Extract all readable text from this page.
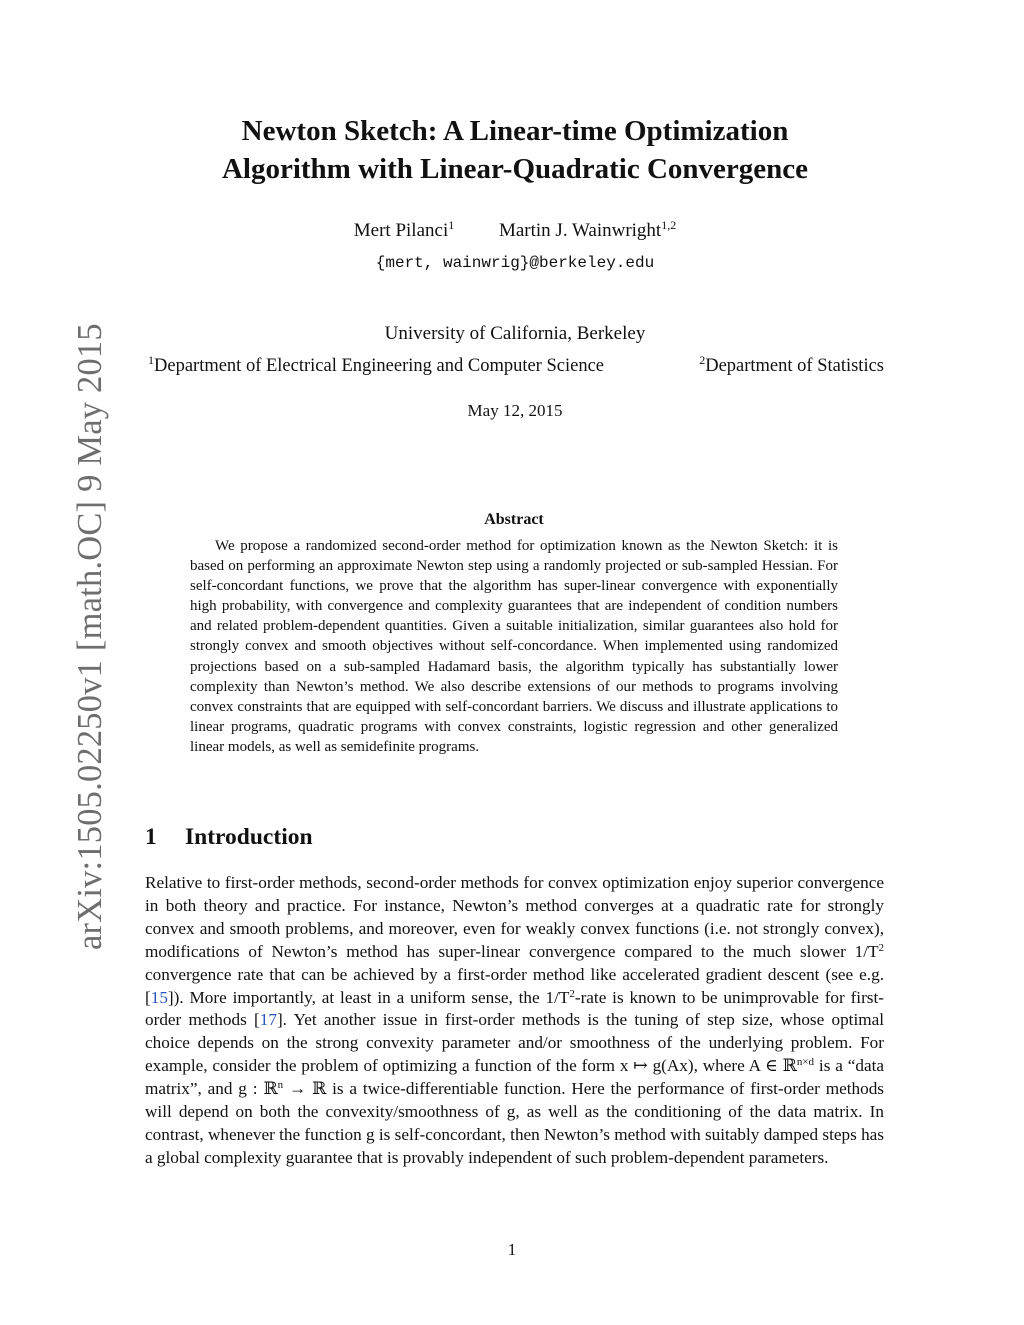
arXiv:1505.02250v1 [math.OC] 9 May 2015
Newton Sketch: A Linear-time Optimization
Algorithm with Linear-Quadratic Convergence
Mert Pilanci$^1$ Martin J. Wainwright$^{1,2}$
{mert, wainwrig}@berkeley.edu
University of California, Berkeley
$^1$Department of Electrical Engineering and Computer Science	$^2$Department of Statistics
May 12, 2015
Abstract
We propose a randomized second-order method for optimization known as the Newton Sketch: it is based on performing an approximate Newton step using a randomly projected or sub-sampled Hessian. For self-concordant functions, we prove that the algorithm has super-linear convergence with exponentially high probability, with convergence and complexity guarantees that are independent of condition numbers and related problem-dependent quantities. Given a suitable initialization, similar guarantees also hold for strongly convex and smooth objectives without self-concordance. When implemented using randomized projections based on a sub-sampled Hadamard basis, the algorithm typically has substantially lower complexity than Newton’s method. We also describe extensions of our methods to programs involving convex constraints that are equipped with self-concordant barriers. We discuss and illustrate applications to linear programs, quadratic programs with convex constraints, logistic regression and other generalized linear models, as well as semidefinite programs.
1 Introduction
Relative to first-order methods, second-order methods for convex optimization enjoy superior convergence in both theory and practice. For instance, Newton’s method converges at a quadratic rate for strongly convex and smooth problems, and moreover, even for weakly convex functions (i.e. not strongly convex), modifications of Newton’s method has super-linear convergence compared to the much slower $1/T^2$ convergence rate that can be achieved by a first-order method like accelerated gradient descent (see e.g. [15]). More importantly, at least in a uniform sense, the $1/T^2$-rate is known to be unimprovable for first-order methods [17]. Yet another issue in first-order methods is the tuning of step size, whose optimal choice depends on the strong convexity parameter and/or smoothness of the underlying problem. For example, consider the problem of optimizing a function of the form x ↦ g(Ax), where A ∈ ℝ$^{n\times d}$ is a “data matrix”, and g : ℝ$^n$ → ℝ is a twice-differentiable function. Here the performance of first-order methods will depend on both the convexity/smoothness of g, as well as the conditioning of the data matrix. In contrast, whenever the function g is self-concordant, then Newton’s method with suitably damped steps has a global complexity guarantee that is provably independent of such problem-dependent parameters.
1
